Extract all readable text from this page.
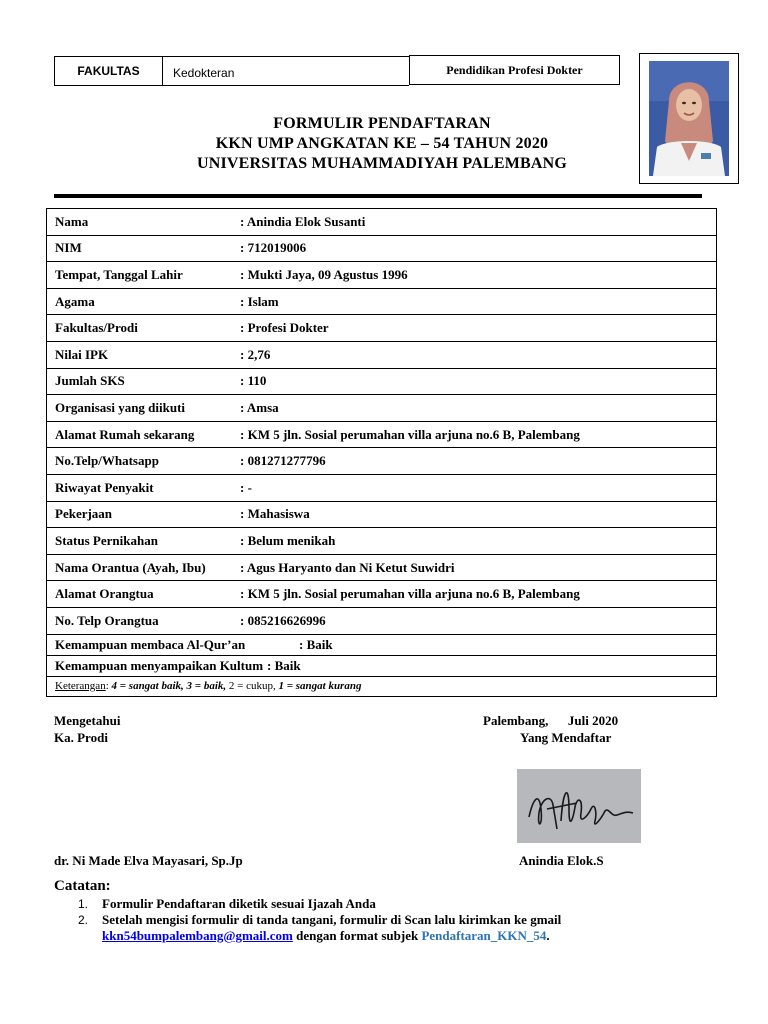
FAKULTAS	Kedokteran	Pendidikan Profesi Dokter
FORMULIR PENDAFTARAN
KKN UMP ANGKATAN KE – 54 TAHUN 2020
UNIVERSITAS MUHAMMADIYAH PALEMBANG
Nama	: Anindia Elok Susanti
NIM	: 712019006
Tempat, Tanggal Lahir	: Mukti Jaya, 09 Agustus 1996
Agama	: Islam
Fakultas/Prodi	: Profesi Dokter
Nilai IPK	: 2,76
Jumlah SKS	: 110
Organisasi yang diikuti	: Amsa
Alamat Rumah sekarang	: KM 5 jln. Sosial perumahan villa arjuna no.6 B, Palembang
No.Telp/Whatsapp	: 081271277796
Riwayat Penyakit	: -
Pekerjaan	: Mahasiswa
Status Pernikahan	: Belum menikah
Nama Orantua (Ayah, Ibu)	: Agus Haryanto dan Ni Ketut Suwidri
Alamat Orangtua	: KM 5 jln. Sosial perumahan villa arjuna no.6 B, Palembang
No. Telp Orangtua	: 085216626996
Kemampuan membaca Al-Qur’an	: Baik
Kemampuan menyampaikan Kultum : Baik
Keterangan : 4 = sangat baik,
3 = baik,
2 = cukup,
1 = sangat kurang
Mengetahui
Ka. Prodi
Palembang, Juli 2020
Yang Mendaftar
dr. Ni Made Elva Mayasari, Sp.Jp	Anindia Elok.S
Catatan:
1.	Formulir Pendaftaran diketik sesuai Ijazah Anda
2.	Setelah mengisi formulir di tanda tangani, formulir di Scan lalu kirimkan ke gmail
kkn54bumpalembang@gmail.com dengan format subjek Pendaftaran_KKN_54.
